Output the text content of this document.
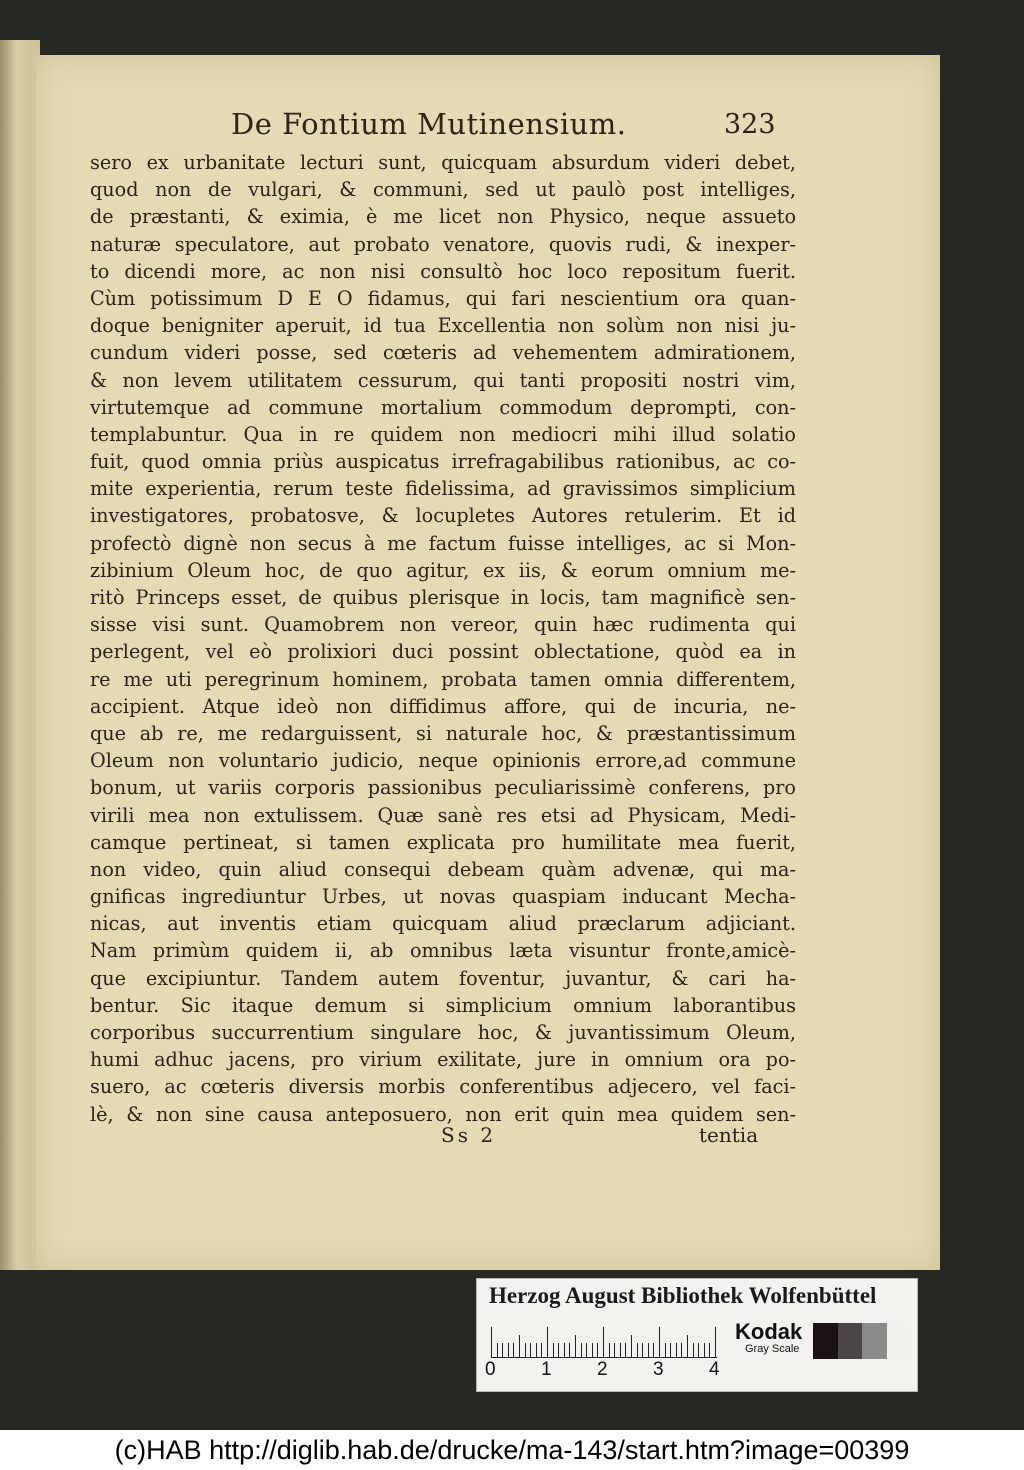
De Fontium Mutinensium.	323
sero ex urbanitate lecturi sunt, quicquam absurdum videri debet,
quod non de vulgari, & communi, sed ut paulò post intelliges,
de præstanti, & eximia, è me licet non Physico, neque assueto
naturæ speculatore, aut probato venatore, quovis rudi, & inexper-
to dicendi more, ac non nisi consultò hoc loco repositum fuerit.
Cùm potissimum D E O fidamus, qui fari nescientium ora quan-
doque benigniter aperuit, id tua Excellentia non solùm non nisi ju-
cundum videri posse, sed cœteris ad vehementem admirationem,
& non levem utilitatem cessurum, qui tanti propositi nostri vim,
virtutemque ad commune mortalium commodum deprompti, con-
templabuntur. Qua in re quidem non mediocri mihi illud solatio
fuit, quod omnia priùs auspicatus irrefragabilibus rationibus, ac co-
mite experientia, rerum teste fidelissima, ad gravissimos simplicium
investigatores, probatosve, & locupletes Autores retulerim. Et id
profectò dignè non secus à me factum fuisse intelliges, ac si Mon-
zibinium Oleum hoc, de quo agitur, ex iis, & eorum omnium me-
ritò Princeps esset, de quibus plerisque in locis, tam magnificè sen-
sisse visi sunt. Quamobrem non vereor, quin hæc rudimenta qui
perlegent, vel eò prolixiori duci possint oblectatione, quòd ea in
re me uti peregrinum hominem, probata tamen omnia differentem,
accipient. Atque ideò non diffidimus affore, qui de incuria, ne-
que ab re, me redarguissent, si naturale hoc, & præstantissimum
Oleum non voluntario judicio, neque opinionis errore,ad commune
bonum, ut variis corporis passionibus peculiarissimè conferens, pro
virili mea non extulissem. Quæ sanè res etsi ad Physicam, Medi-
camque pertineat, si tamen explicata pro humilitate mea fuerit,
non video, quin aliud consequi debeam quàm advenæ, qui ma-
gnificas ingrediuntur Urbes, ut novas quaspiam inducant Mecha-
nicas, aut inventis etiam quicquam aliud præclarum adjiciant.
Nam primùm quidem ii, ab omnibus læta visuntur fronte,amicè-
que excipiuntur. Tandem autem foventur, juvantur, & cari ha-
bentur. Sic itaque demum si simplicium omnium laborantibus
corporibus succurrentium singulare hoc, & juvantissimum Oleum,
humi adhuc jacens, pro virium exilitate, jure in omnium ora po-
suero, ac cœteris diversis morbis conferentibus adjecero, vel faci-
lè, & non sine causa anteposuero, non erit quin mea quidem sen-
Ss 2	tentia
Herzog August Bibliothek Wolfenbüttel
0 1 2 3 4
Kodak
Gray Scale
(c)HAB http://diglib.hab.de/drucke/ma-143/start.htm?image=00399
